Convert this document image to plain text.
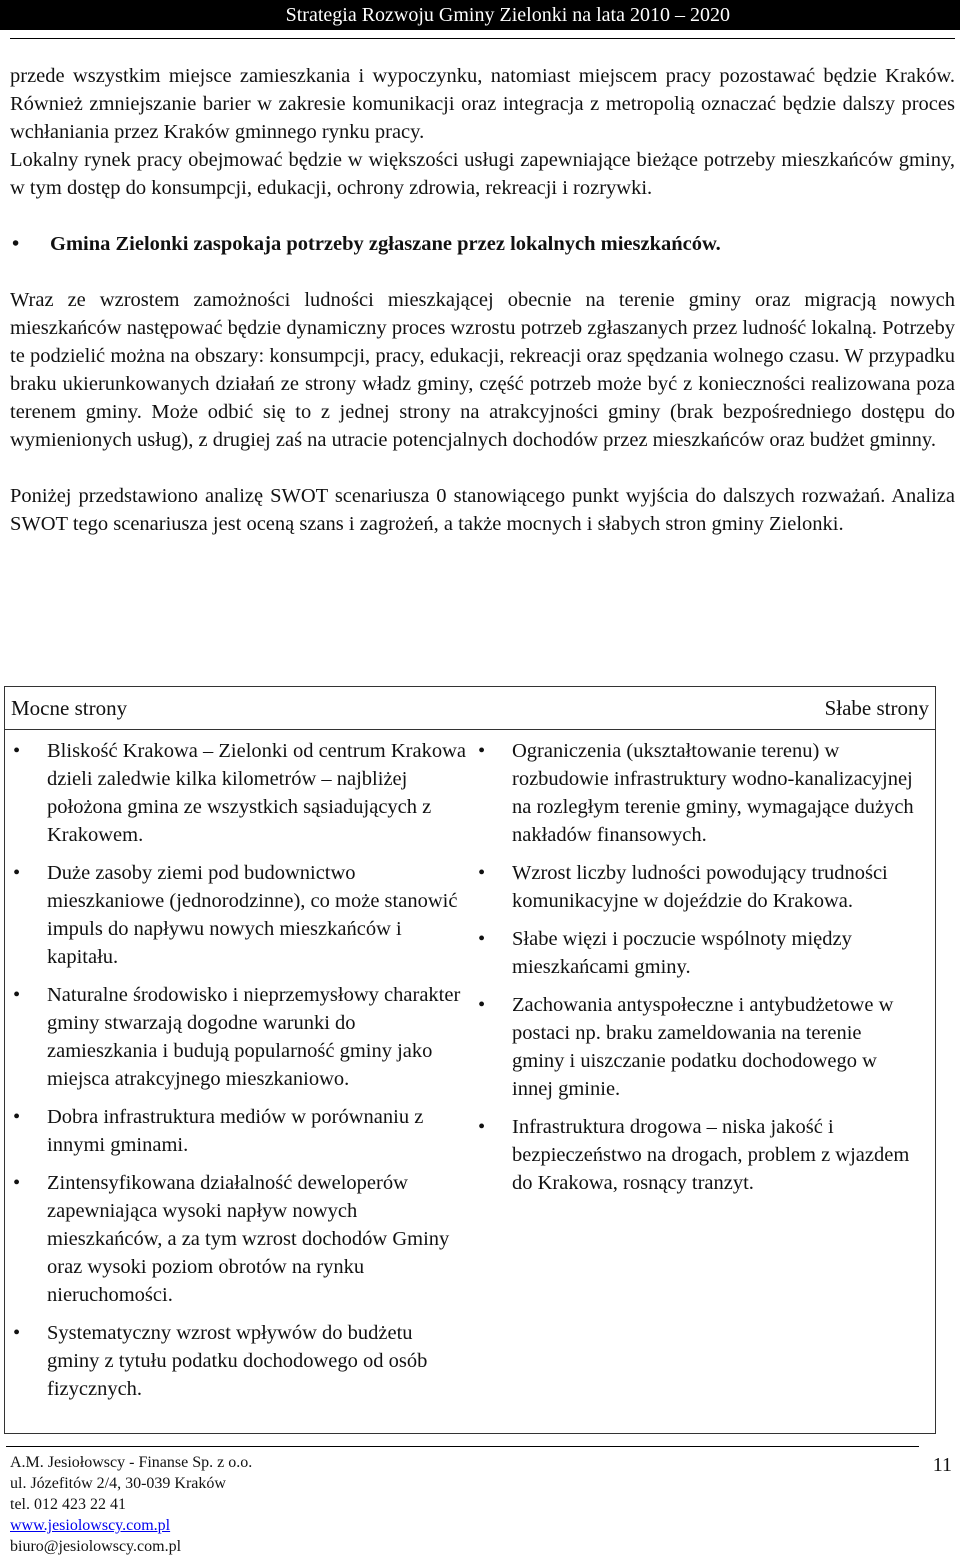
Strategia Rozwoju Gminy Zielonki na lata 2010 – 2020

przede wszystkim miejsce zamieszkania i wypoczynku, natomiast miejscem pracy pozostawać będzie Kraków. Również zmniejszanie barier w zakresie komunikacji oraz integracja z metropolią oznaczać będzie dalszy proces wchłaniania przez Kraków gminnego rynku pracy.

Lokalny rynek pracy obejmować będzie w większości usługi zapewniające bieżące potrzeby mieszkańców gminy, w tym dostęp do konsumpcji, edukacji, ochrony zdrowia, rekreacji i rozrywki.

• Gmina Zielonki zaspokaja potrzeby zgłaszane przez lokalnych mieszkańców.

Wraz ze wzrostem zamożności ludności mieszkającej obecnie na terenie gminy oraz migracją nowych mieszkańców następować będzie dynamiczny proces wzrostu potrzeb zgłaszanych przez ludność lokalną. Potrzeby te podzielić można na obszary: konsumpcji, pracy, edukacji, rekreacji oraz spędzania wolnego czasu. W przypadku braku ukierunkowanych działań ze strony władz gminy, część potrzeb może być z konieczności realizowana poza terenem gminy. Może odbić się to z jednej strony na atrakcyjności gminy (brak bezpośredniego dostępu do wymienionych usług), z drugiej zaś na utracie potencjalnych dochodów przez mieszkańców oraz budżet gminny.

Poniżej przedstawiono analizę SWOT scenariusza 0 stanowiącego punkt wyjścia do dalszych rozważań. Analiza SWOT tego scenariusza jest oceną szans i zagrożeń, a także mocnych i słabych stron gminy Zielonki.

Mocne strony	Słabe strony
• Bliskość Krakowa – Zielonki od centrum Krakowa dzieli zaledwie kilka kilometrów – najbliżej położona gmina ze wszystkich sąsiadujących z Krakowem.
• Duże zasoby ziemi pod budownictwo mieszkaniowe (jednorodzinne), co może stanowić impuls do napływu nowych mieszkańców i kapitału.
• Naturalne środowisko i nieprzemysłowy charakter gminy stwarzają dogodne warunki do zamieszkania i budują popularność gminy jako miejsca atrakcyjnego mieszkaniowo.
• Dobra infrastruktura mediów w porównaniu z innymi gminami.
• Zintensyfikowana działalność deweloperów zapewniająca wysoki napływ nowych mieszkańców, a za tym wzrost dochodów Gminy oraz wysoki poziom obrotów na rynku nieruchomości.
• Systematyczny wzrost wpływów do budżetu gminy z tytułu podatku dochodowego od osób fizycznych.
• Ograniczenia (ukształtowanie terenu) w rozbudowie infrastruktury wodno-kanalizacyjnej na rozległym terenie gminy, wymagające dużych nakładów finansowych.
• Wzrost liczby ludności powodujący trudności komunikacyjne w dojeździe do Krakowa.
• Słabe więzi i poczucie wspólnoty między mieszkańcami gminy.
• Zachowania antyspołeczne i antybudżetowe w postaci np. braku zameldowania na terenie gminy i uiszczanie podatku dochodowego w innej gminie.
• Infrastruktura drogowa – niska jakość i bezpieczeństwo na drogach, problem z wjazdem do Krakowa, rosnący tranzyt.
A.M. Jesiołowscy - Finanse Sp. z o.o.
ul. Józefitów 2/4, 30-039 Kraków
tel. 012 423 22 41
www.jesiolowscy.com.pl
biuro@jesiolowscy.com.pl
11
